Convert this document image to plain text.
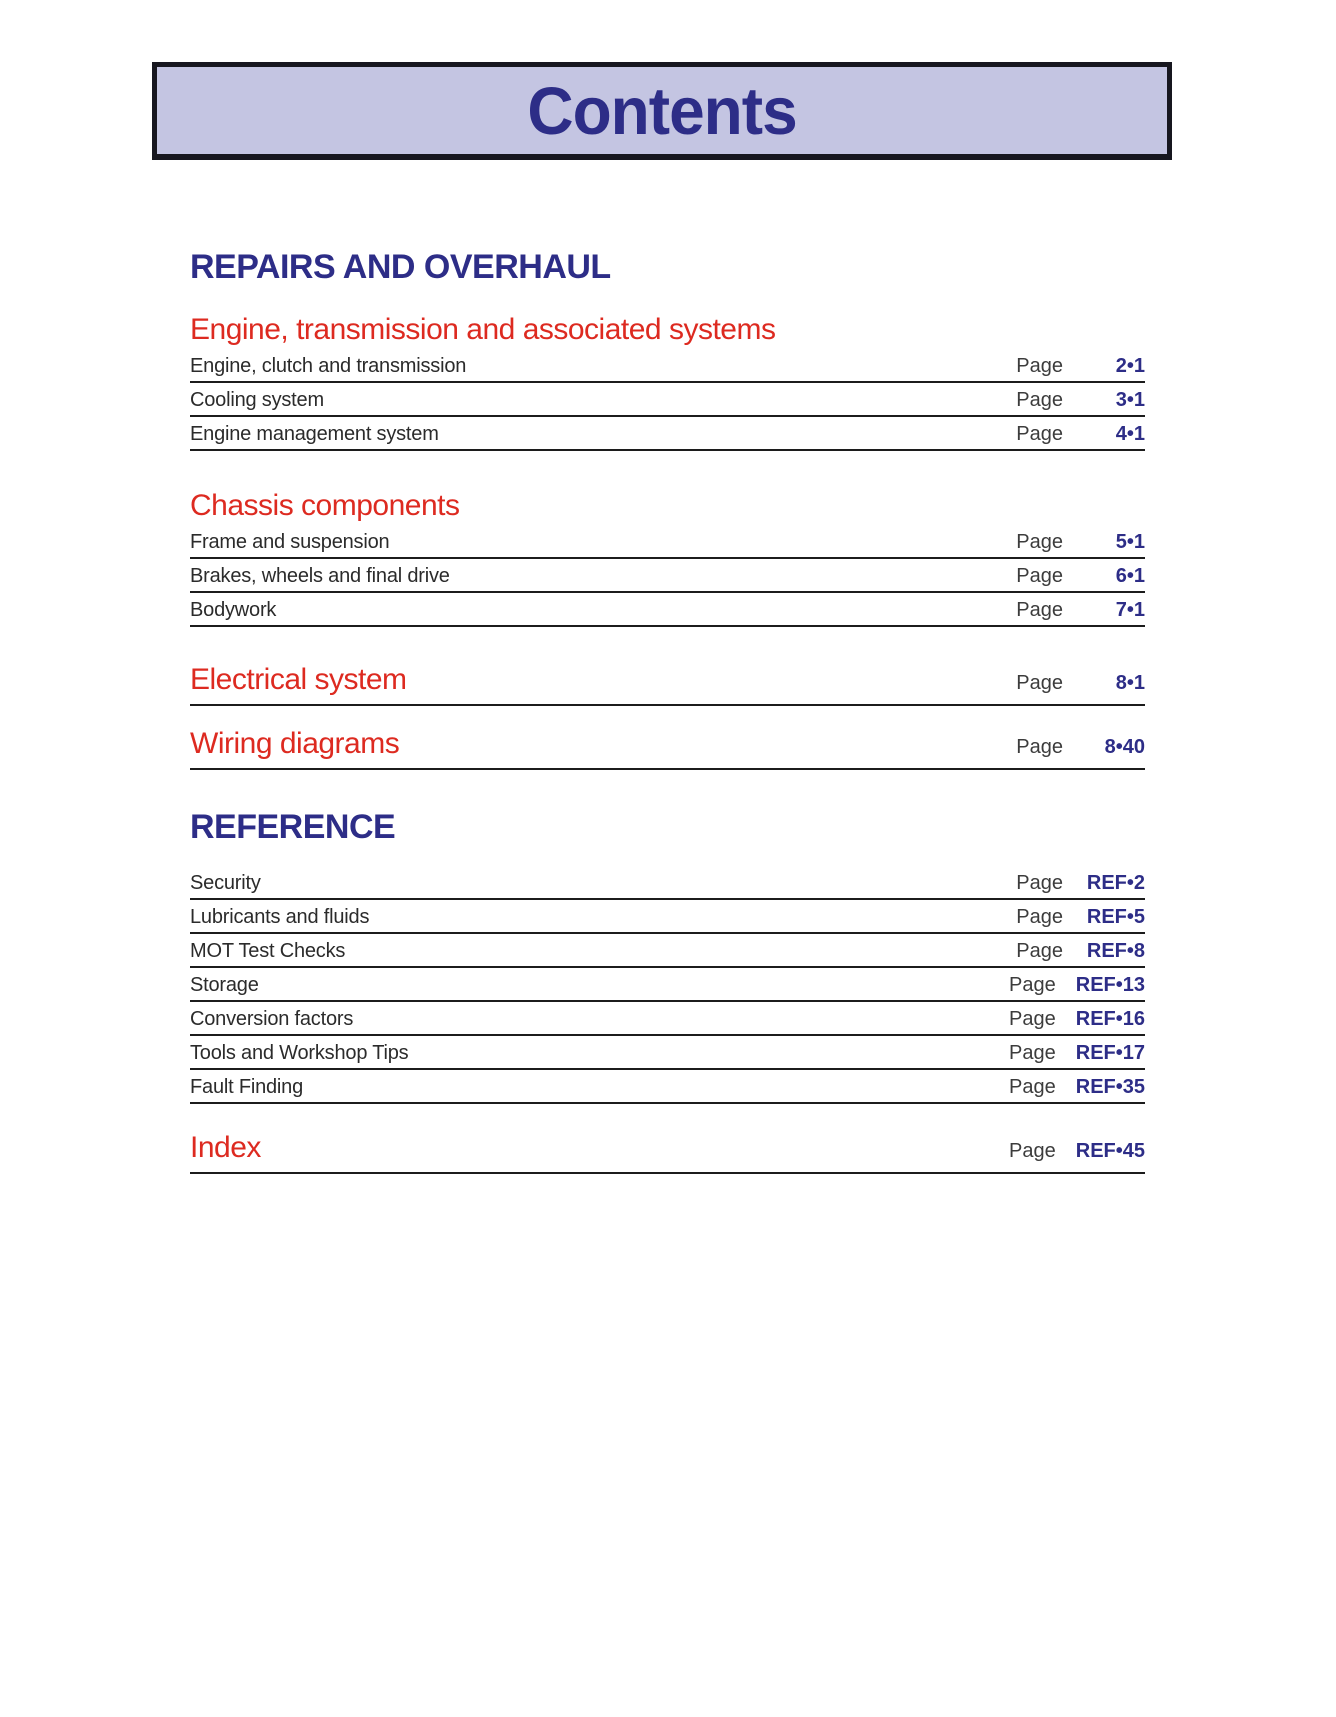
Contents
REPAIRS AND OVERHAUL
Engine, transmission and associated systems
Engine, clutch and transmission	Page	2•1
Cooling system	Page	3•1
Engine management system	Page	4•1
Chassis components
Frame and suspension	Page	5•1
Brakes, wheels and final drive	Page	6•1
Bodywork	Page	7•1
Electrical system	Page	8•1
Wiring diagrams	Page	8•40
REFERENCE
Security	Page REF•2
Lubricants and fluids	Page REF•5
MOT Test Checks	Page REF•8
Storage	Page REF•13
Conversion factors	Page REF•16
Tools and Workshop Tips	Page REF•17
Fault Finding	Page REF•35
Index	Page REF•45
